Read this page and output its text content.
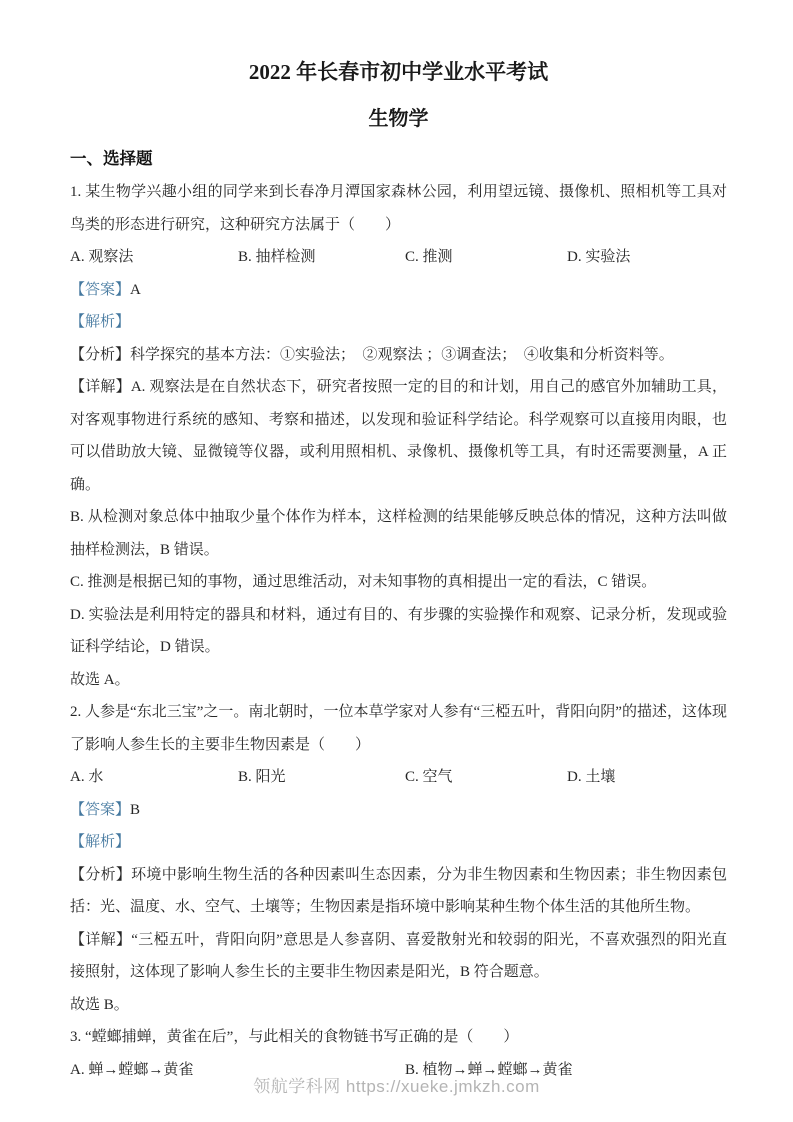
2022 年长春市初中学业水平考试
生物学
一、选择题

1. 某生物学兴趣小组的同学来到长春净月潭国家森林公园，利用望远镜、摄像机、照相机等工具对鸟类的形态进行研究，这种研究方法属于（　　）

A. 观察法	B. 抽样检测	C. 推测	D. 实验法

【答案】A

【解析】

【分析】科学探究的基本方法：①实验法；　②观察法 ；③调查法；　④收集和分析资料等。

【详解】A. 观察法是在自然状态下，研究者按照一定的目的和计划，用自己的感官外加辅助工具，对客观事物进行系统的感知、考察和描述，以发现和验证科学结论。科学观察可以直接用肉眼，也可以借助放大镜、显微镜等仪器，或利用照相机、录像机、摄像机等工具，有时还需要测量，A 正确。

B. 从检测对象总体中抽取少量个体作为样本，这样检测的结果能够反映总体的情况，这种方法叫做抽样检测法，B 错误。

C. 推测是根据已知的事物，通过思维活动，对未知事物的真相提出一定的看法，C 错误。

D. 实验法是利用特定的器具和材料，通过有目的、有步骤的实验操作和观察、记录分析，发现或验证科学结论，D 错误。

故选 A。

2. 人参是“东北三宝”之一。南北朝时，一位本草学家对人参有“三椏五叶，背阳向阴”的描述，这体现了影响人参生长的主要非生物因素是（　　）

A. 水	B. 阳光	C. 空气	D. 土壤

【答案】B

【解析】

【分析】环境中影响生物生活的各种因素叫生态因素，分为非生物因素和生物因素；非生物因素包括：光、温度、水、空气、土壤等；生物因素是指环境中影响某种生物个体生活的其他所生物。

【详解】“三椏五叶，背阳向阴”意思是人参喜阴、喜爱散射光和较弱的阳光，不喜欢强烈的阳光直接照射，这体现了影响人参生长的主要非生物因素是阳光，B 符合题意。

故选 B。

3. “螳螂捕蝉，黄雀在后”，与此相关的食物链书写正确的是（　　）

A. 蝉→螳螂→黄雀	B. 植物→蝉→螳螂→黄雀
领航学科网 https://xueke.jmkzh.com
